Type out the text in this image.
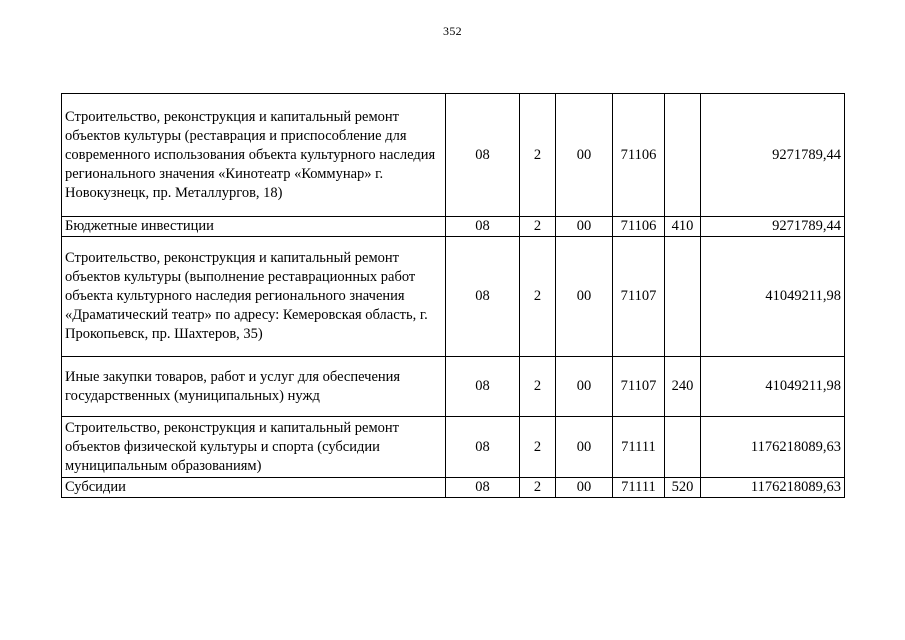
352
Строительство, реконструкция и капитальный ремонт объектов культуры (реставрация и приспособление для современного использования объекта культурного наследия регионального значения «Кинотеатр «Коммунар» г. Новокузнецк, пр. Металлургов, 18)	08	2	00	71106		9271789,44
Бюджетные инвестиции	08	2	00	71106	410	9271789,44
Строительство, реконструкция и капитальный ремонт объектов культуры (выполнение реставрационных работ объекта культурного наследия регионального значения «Драматический театр» по адресу: Кемеровская область, г. Прокопьевск, пр. Шахтеров, 35)	08	2	00	71107		41049211,98
Иные закупки товаров, работ и услуг для обеспечения государственных (муниципальных) нужд	08	2	00	71107	240	41049211,98
Строительство, реконструкция и капитальный ремонт объектов физической культуры и спорта (субсидии муниципальным образованиям)	08	2	00	71111		1176218089,63
Субсидии	08	2	00	71111	520	1176218089,63
